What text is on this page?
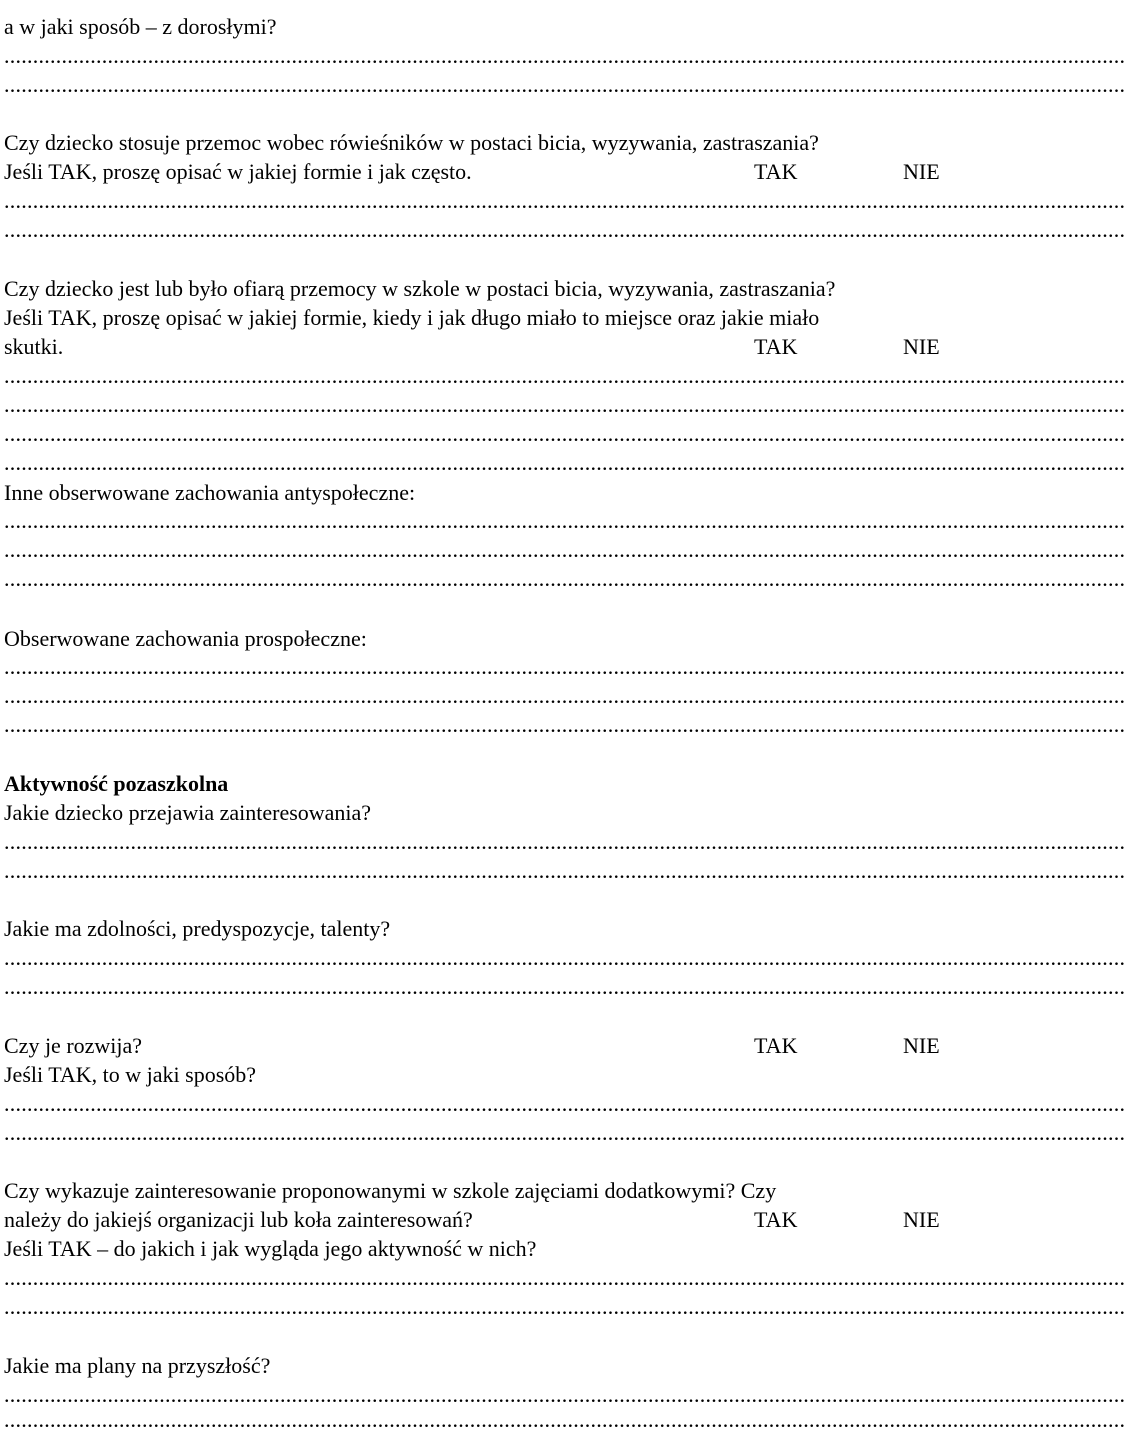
a w jaki sposób – z dorosłymi?
...................................................................................................................................................................................................
...................................................................................................................................................................................................
Czy dziecko stosuje przemoc wobec rówieśników w postaci bicia, wyzywania, zastraszania?
Jeśli TAK, proszę opisać w jakiej formie i jak często.	TAK	NIE
...................................................................................................................................................................................................
...................................................................................................................................................................................................
Czy dziecko jest lub było ofiarą przemocy w szkole w postaci bicia, wyzywania, zastraszania?
Jeśli TAK, proszę opisać w jakiej formie, kiedy i jak długo miało to miejsce oraz jakie miało
skutki.	TAK	NIE
...................................................................................................................................................................................................
...................................................................................................................................................................................................
...................................................................................................................................................................................................
...................................................................................................................................................................................................
Inne obserwowane zachowania antyspołeczne:
...................................................................................................................................................................................................
...................................................................................................................................................................................................
...................................................................................................................................................................................................
Obserwowane zachowania prospołeczne:
...................................................................................................................................................................................................
...................................................................................................................................................................................................
...................................................................................................................................................................................................
Aktywność pozaszkolna
Jakie dziecko przejawia zainteresowania?
...................................................................................................................................................................................................
...................................................................................................................................................................................................
Jakie ma zdolności, predyspozycje, talenty?
...................................................................................................................................................................................................
...................................................................................................................................................................................................
Czy je rozwija?	TAK	NIE
Jeśli TAK, to w jaki sposób?
...................................................................................................................................................................................................
...................................................................................................................................................................................................
Czy wykazuje zainteresowanie proponowanymi w szkole zajęciami dodatkowymi? Czy
należy do jakiejś organizacji lub koła zainteresowań?	TAK	NIE
Jeśli TAK – do jakich i jak wygląda jego aktywność w nich?
...................................................................................................................................................................................................
...................................................................................................................................................................................................
Jakie ma plany na przyszłość?
...................................................................................................................................................................................................
...................................................................................................................................................................................................
